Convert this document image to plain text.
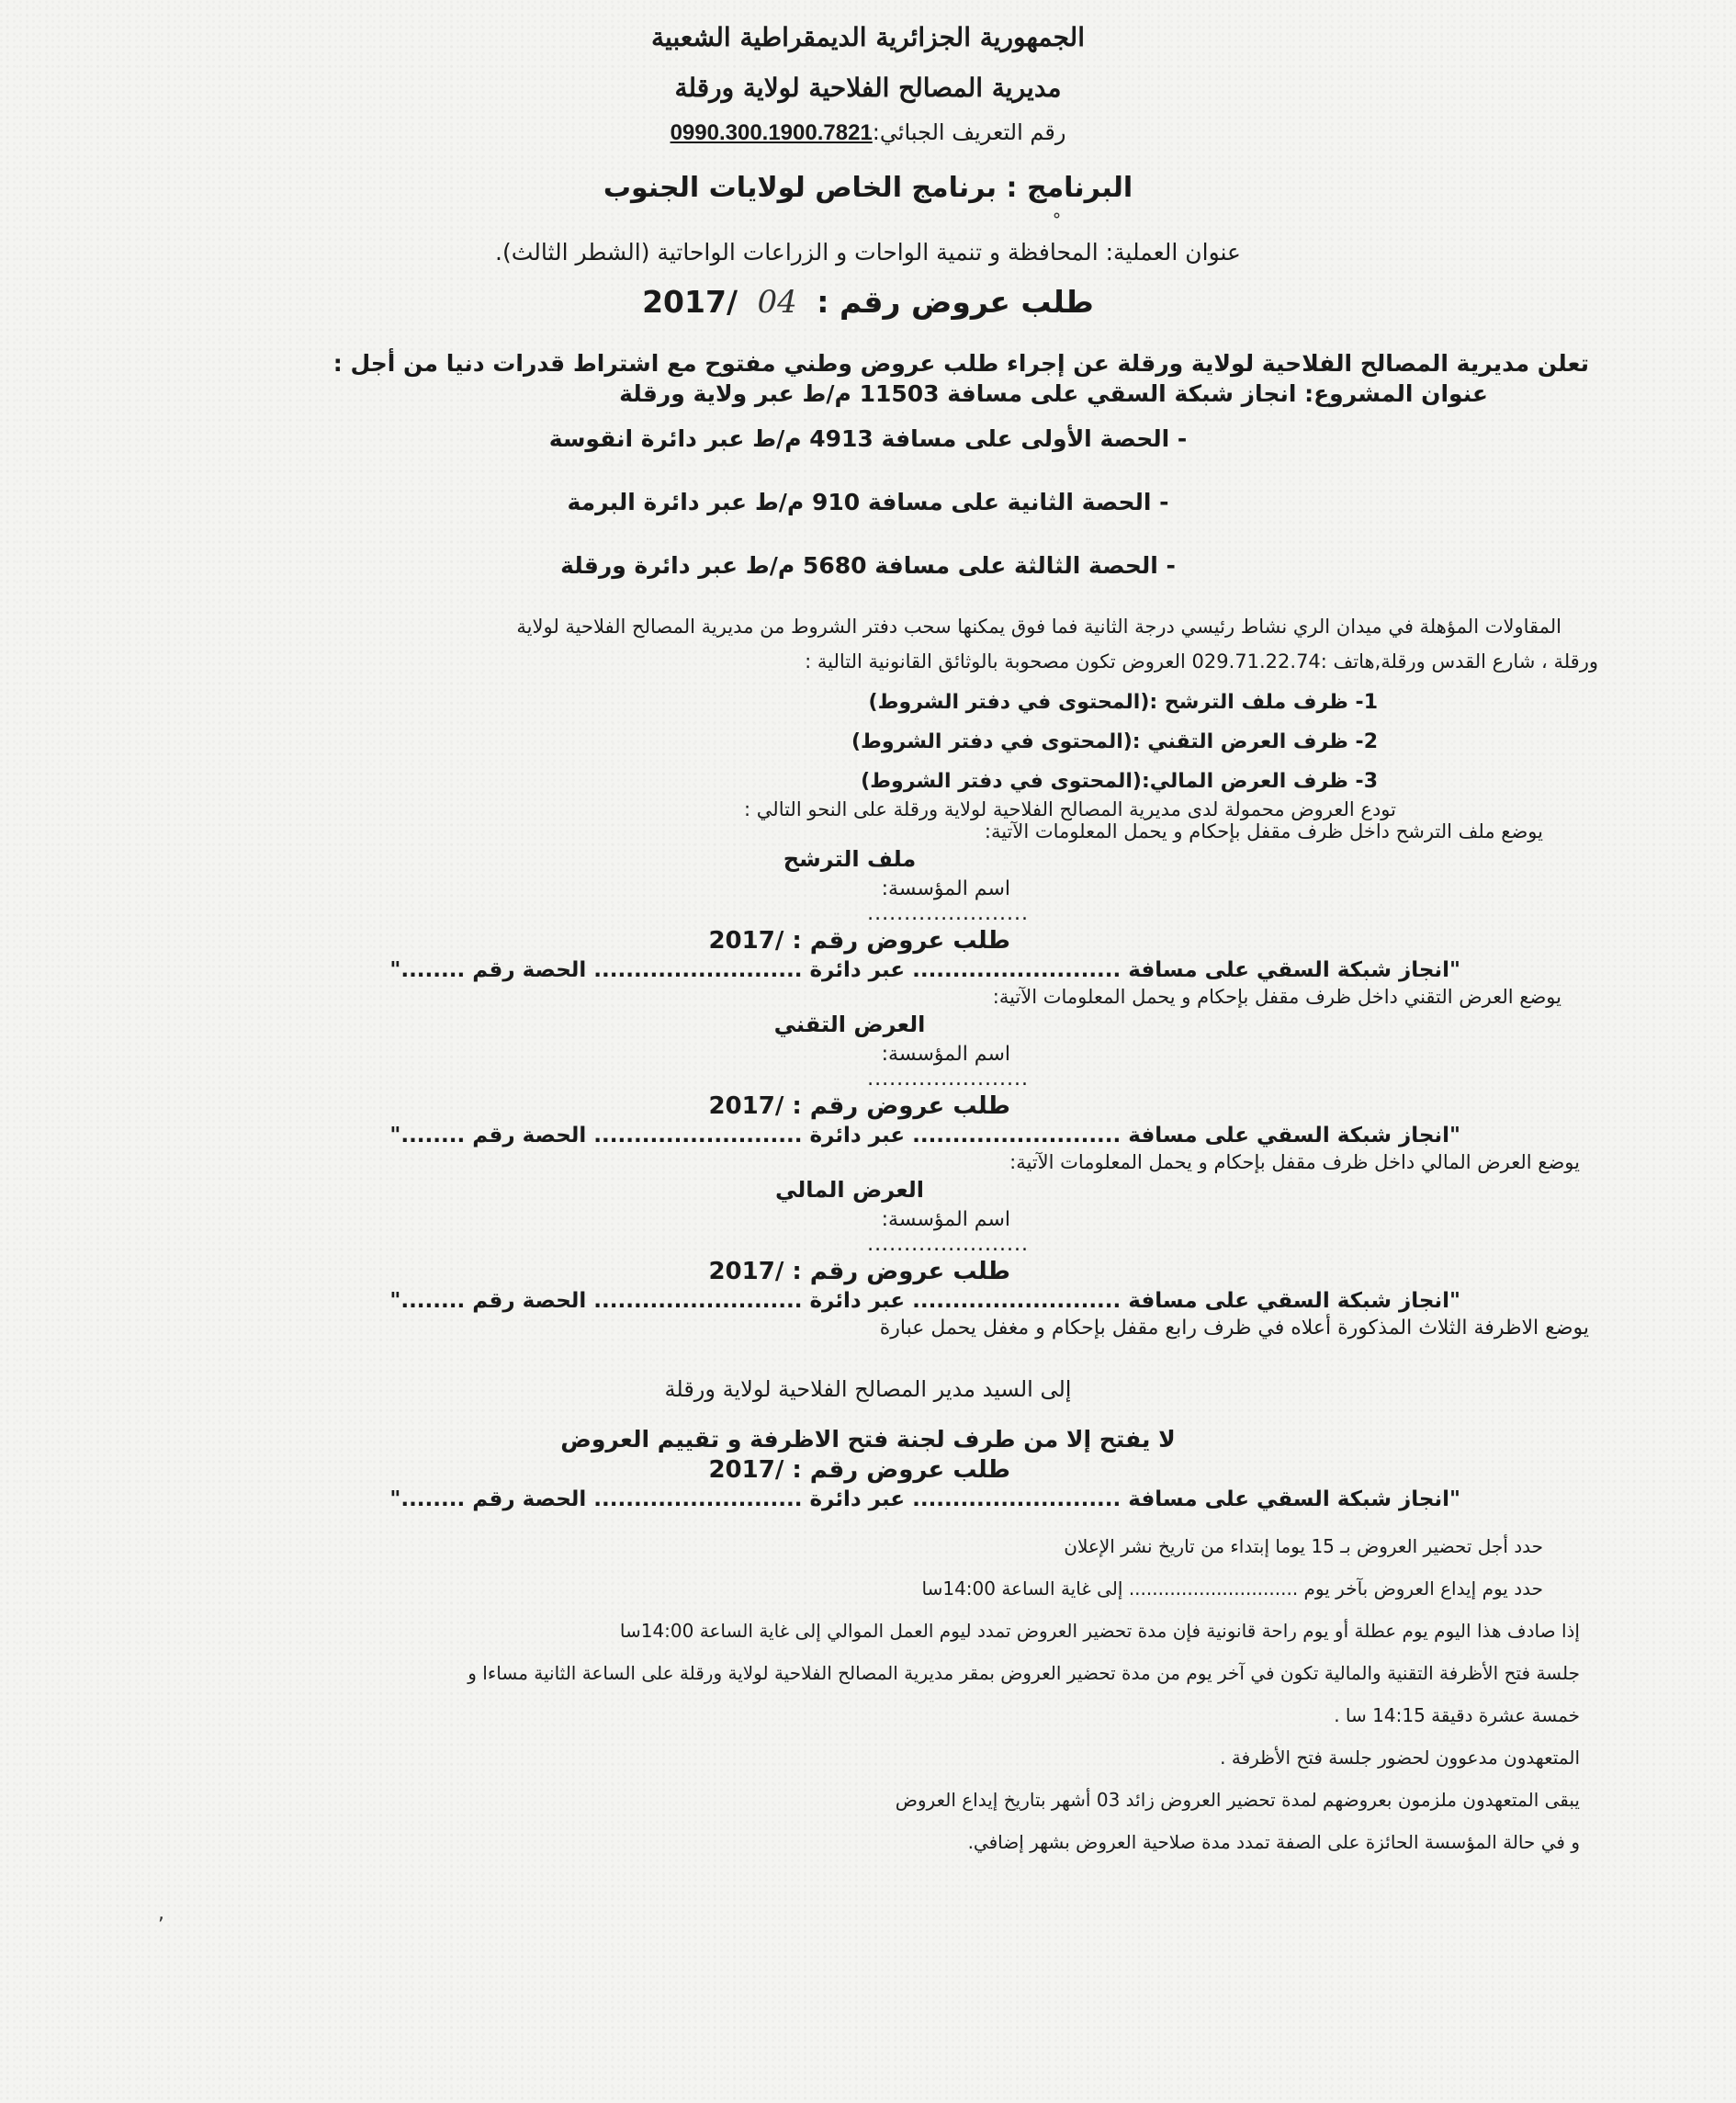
الجمهورية الجزائرية الديمقراطية الشعبية

مديرية المصالح الفلاحية لولاية ورقلة

رقم التعريف الجبائي:0990.300.1900.7821

البرنامج : برنامج الخاص لولايات الجنوب

عنوان العملية: المحافظة و تنمية الواحات و الزراعات الواحاتية (الشطر الثالث).

طلب عروض رقم : 04 /2017

تعلن مديرية المصالح الفلاحية لولاية ورقلة عن إجراء طلب عروض وطني مفتوح مع اشتراط قدرات دنيا من أجل :

عنوان المشروع: انجاز شبكة السقي على مسافة 11503 م/ط عبر ولاية ورقلة

- الحصة الأولى على مسافة 4913 م/ط عبر دائرة انقوسة

- الحصة الثانية على مسافة 910 م/ط عبر دائرة البرمة

- الحصة الثالثة على مسافة 5680 م/ط عبر دائرة ورقلة

المقاولات المؤهلة في ميدان الري نشاط رئيسي درجة الثانية فما فوق يمكنها سحب دفتر الشروط من مديرية المصالح الفلاحية لولاية

ورقلة ، شارع القدس ورقلة,هاتف :029.71.22.74 العروض تكون مصحوبة بالوثائق القانونية التالية :

1- ظرف ملف الترشح :(المحتوى في دفتر الشروط)

2- ظرف العرض التقني :(المحتوى في دفتر الشروط)

3- ظرف العرض المالي:(المحتوى في دفتر الشروط)

تودع العروض محمولة لدى مديرية المصالح الفلاحية لولاية ورقلة على النحو التالي :

يوضع ملف الترشح داخل ظرف مقفل بإحكام و يحمل المعلومات الآتية:

ملف الترشح

اسم المؤسسة:

......................

طلب عروض رقم : /2017

"انجاز شبكة السقي على مسافة .......................... عبر دائرة .......................... الحصة رقم ........"

يوضع العرض التقني داخل ظرف مقفل بإحكام و يحمل المعلومات الآتية:

العرض التقني

اسم المؤسسة:

......................

طلب عروض رقم : /2017

"انجاز شبكة السقي على مسافة .......................... عبر دائرة .......................... الحصة رقم ........"

يوضع العرض المالي داخل ظرف مقفل بإحكام و يحمل المعلومات الآتية:

العرض المالي

اسم المؤسسة:

......................

طلب عروض رقم : /2017

"انجاز شبكة السقي على مسافة .......................... عبر دائرة .......................... الحصة رقم ........"

يوضع الاظرفة الثلاث المذكورة أعلاه في ظرف رابع مقفل بإحكام و مغفل يحمل عبارة

إلى السيد مدير المصالح الفلاحية لولاية ورقلة

لا يفتح إلا من طرف لجنة فتح الاظرفة و تقييم العروض

طلب عروض رقم : /2017

"انجاز شبكة السقي على مسافة .......................... عبر دائرة .......................... الحصة رقم ........"

حدد أجل تحضير العروض بـ 15 يوما إبتداء من تاريخ نشر الإعلان

حدد يوم إيداع العروض بآخر يوم ............................. إلى غاية الساعة 14:00سا

إذا صادف هذا اليوم يوم عطلة أو يوم راحة قانونية فإن مدة تحضير العروض تمدد ليوم العمل الموالي إلى غاية الساعة 14:00سا

جلسة فتح الأظرفة التقنية والمالية تكون في آخر يوم من مدة تحضير العروض بمقر مديرية المصالح الفلاحية لولاية ورقلة على الساعة الثانية مساءا و

خمسة عشرة دقيقة 14:15 سا .

المتعهدون مدعوون لحضور جلسة فتح الأظرفة .

يبقى المتعهدون ملزمون بعروضهم لمدة تحضير العروض زائد 03 أشهر بتاريخ إيداع العروض

و في حالة المؤسسة الحائزة على الصفة تمدد مدة صلاحية العروض بشهر إضافي.

˚
,
